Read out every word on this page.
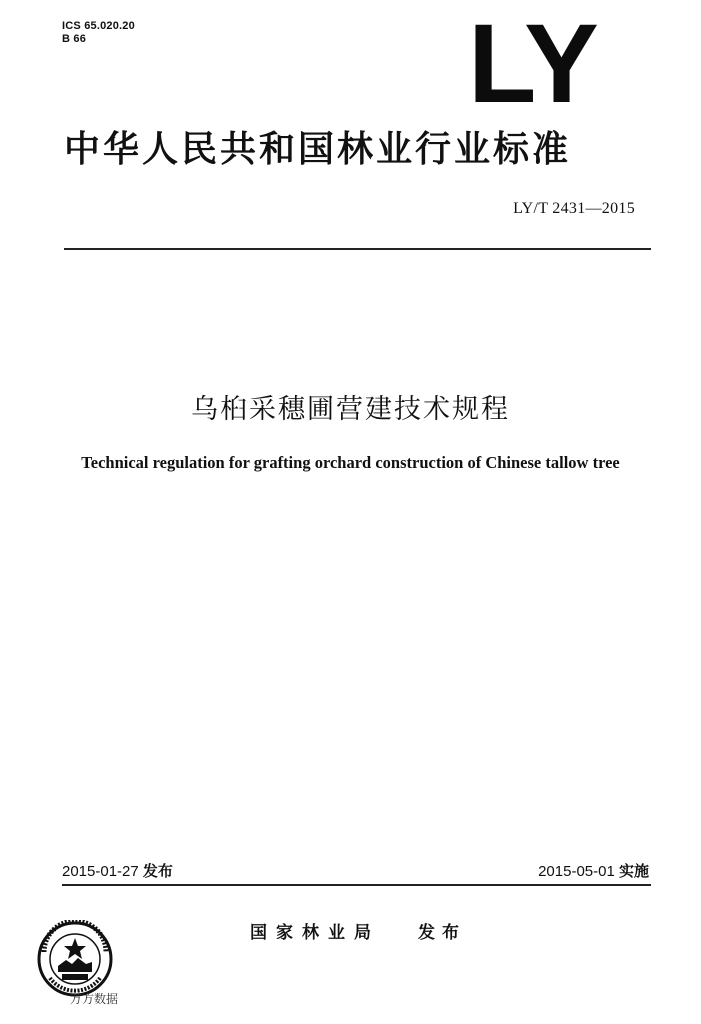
ICS 65.020.20
B 66	LY
中华人民共和国林业行业标准
LY/T 2431—2015
乌桕采穗圃营建技术规程
Technical regulation for grafting orchard construction of Chinese tallow tree
2015-01-27 发布	2015-05-01 实施
国家林业局 发布
万方数据
